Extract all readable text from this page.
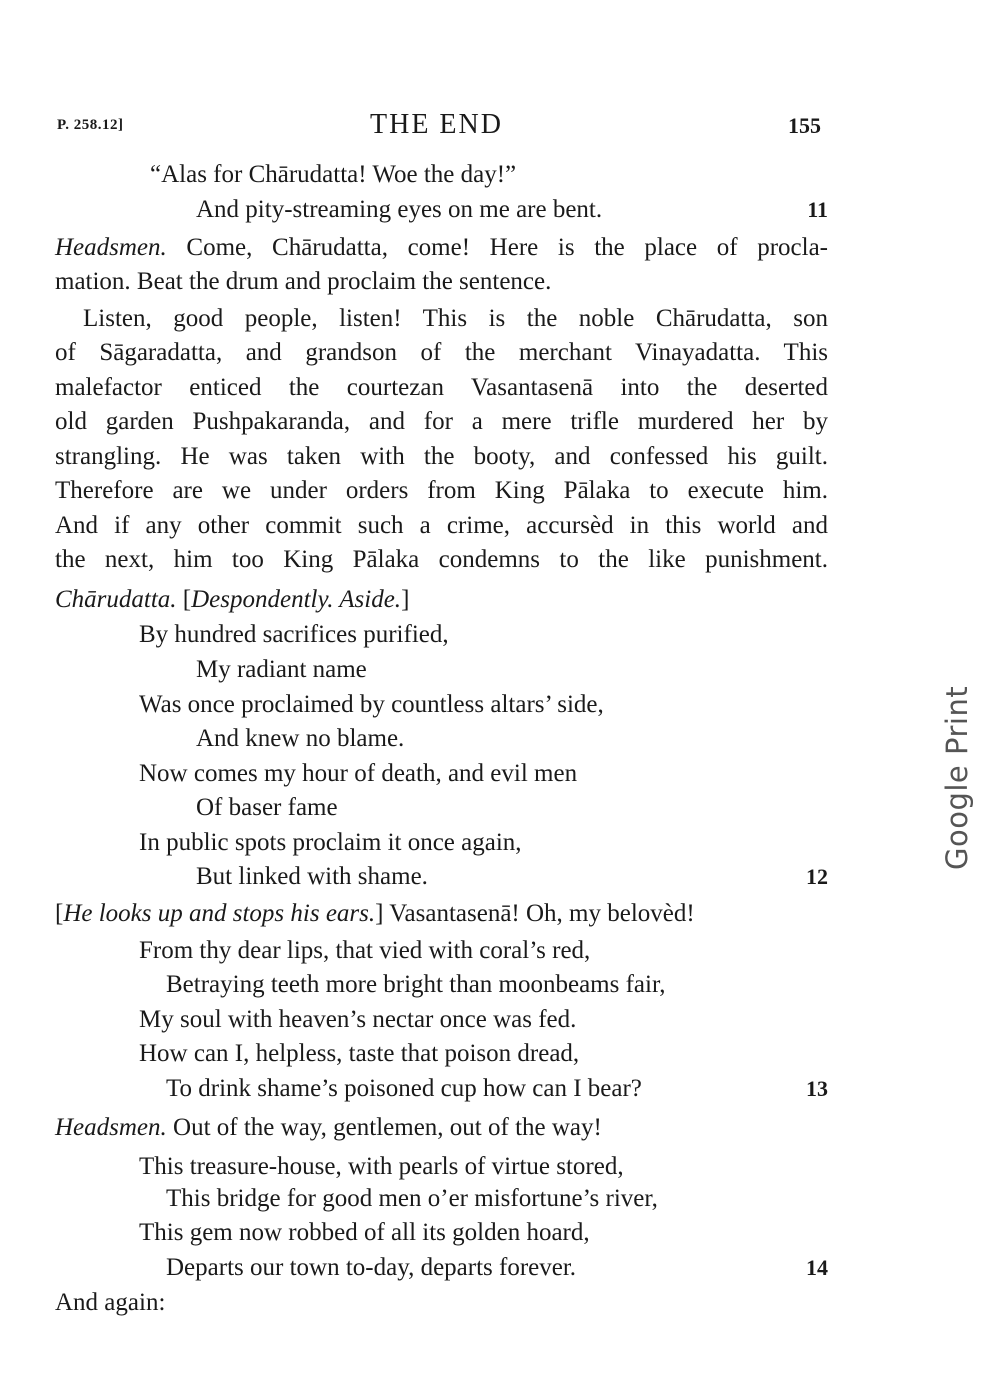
P. 258.12]	THE END	155
“Alas for Chārudatta! Woe the day!”
And pity-streaming eyes on me are bent.	11
Headsmen. Come, Chārudatta, come! Here is the place of procla-
mation. Beat the drum and proclaim the sentence.
Listen, good people, listen! This is the noble Chārudatta, son
of Sāgaradatta, and grandson of the merchant Vinayadatta. This
malefactor enticed the courtezan Vasantasenā into the deserted
old garden Pushpakaranda, and for a mere trifle murdered her by
strangling. He was taken with the booty, and confessed his guilt.
Therefore are we under orders from King Pālaka to execute him.
And if any other commit such a crime, accursèd in this world and
the next, him too King Pālaka condemns to the like punishment.
Chārudatta. [Despondently. Aside.]
By hundred sacrifices purified,
My radiant name
Was once proclaimed by countless altars’ side,
And knew no blame.
Now comes my hour of death, and evil men
Of baser fame
In public spots proclaim it once again,
But linked with shame.	12
[He looks up and stops his ears.] Vasantasenā! Oh, my belovèd!
From thy dear lips, that vied with coral’s red,
Betraying teeth more bright than moonbeams fair,
My soul with heaven’s nectar once was fed.
How can I, helpless, taste that poison dread,
To drink shame’s poisoned cup how can I bear?	13
Headsmen. Out of the way, gentlemen, out of the way!
This treasure-house, with pearls of virtue stored,
This bridge for good men o’er misfortune’s river,
This gem now robbed of all its golden hoard,
Departs our town to-day, departs forever.	14
And again:
Google Print
